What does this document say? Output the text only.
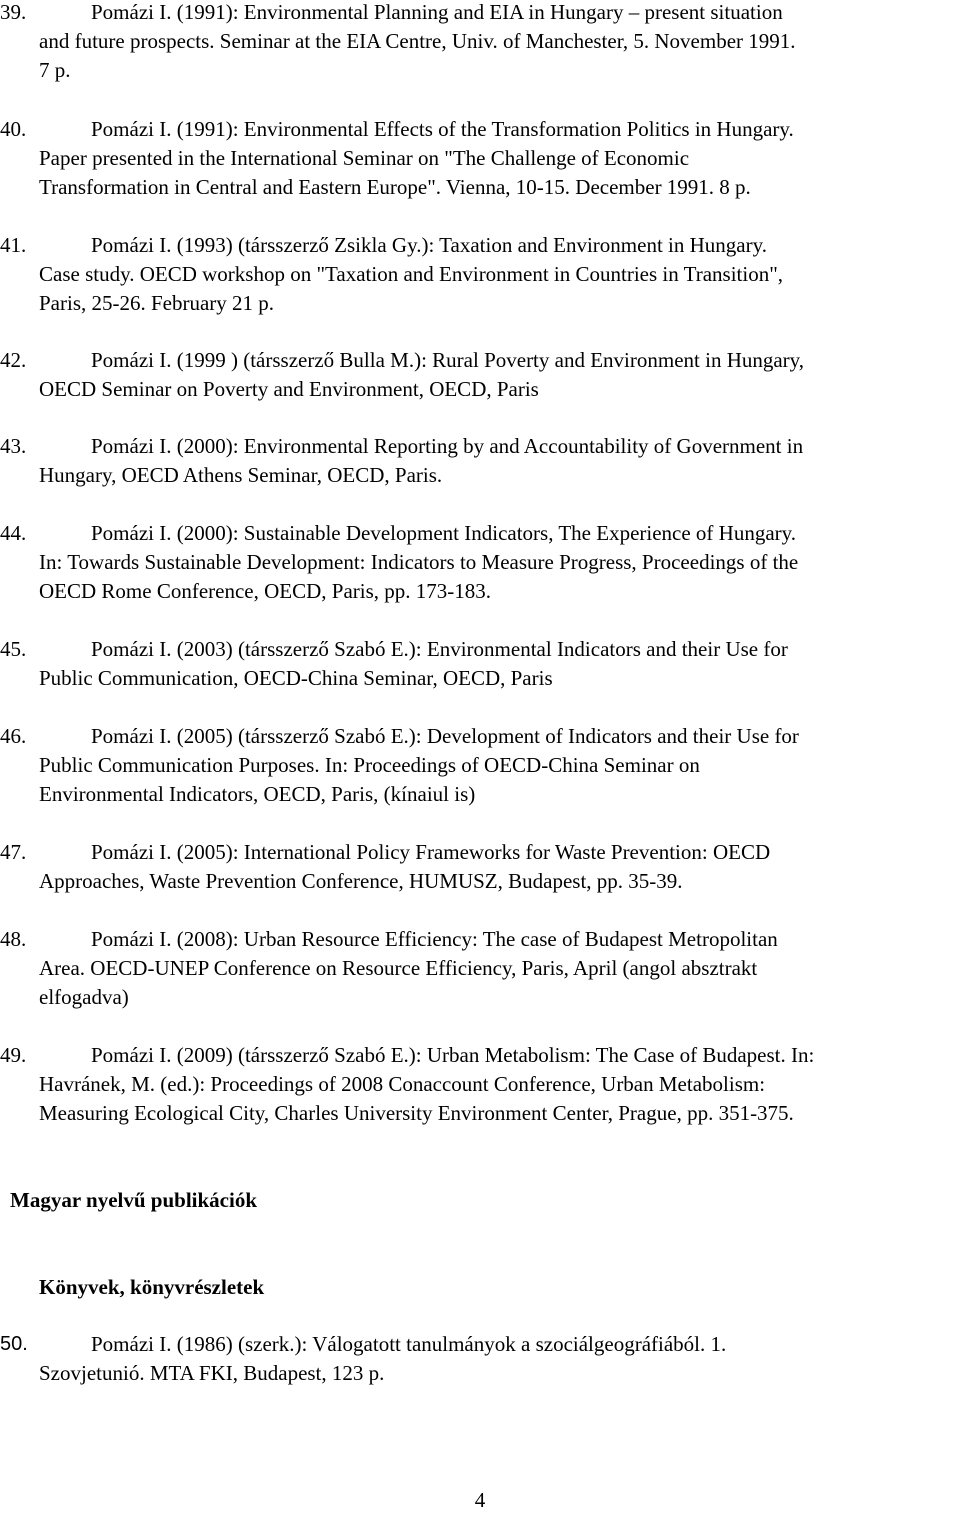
39.	Pomázi I. (1991): Environmental Planning and EIA in Hungary – present situation
and future prospects. Seminar at the EIA Centre, Univ. of Manchester, 5. November 1991.
7 p.
40.	Pomázi I. (1991): Environmental Effects of the Transformation Politics in Hungary.
Paper presented in the International Seminar on "The Challenge of Economic
Transformation in Central and Eastern Europe". Vienna, 10-15. December 1991. 8 p.
41.	Pomázi I. (1993) (társszerző Zsikla Gy.): Taxation and Environment in Hungary.
Case study. OECD workshop on "Taxation and Environment in Countries in Transition",
Paris, 25-26. February 21 p.
42.	Pomázi I. (1999 ) (társszerző Bulla M.): Rural Poverty and Environment in Hungary,
OECD Seminar on Poverty and Environment, OECD, Paris
43.	Pomázi I. (2000): Environmental Reporting by and Accountability of Government in
Hungary, OECD Athens Seminar, OECD, Paris.
44.	Pomázi I. (2000): Sustainable Development Indicators, The Experience of Hungary.
In: Towards Sustainable Development: Indicators to Measure Progress, Proceedings of the
OECD Rome Conference, OECD, Paris, pp. 173-183.
45.	Pomázi I. (2003) (társszerző Szabó E.): Environmental Indicators and their Use for
Public Communication, OECD-China Seminar, OECD, Paris
46.	Pomázi I. (2005) (társszerző Szabó E.): Development of Indicators and their Use for
Public Communication Purposes. In: Proceedings of OECD-China Seminar on
Environmental Indicators, OECD, Paris, (kínaiul is)
47.	Pomázi I. (2005): International Policy Frameworks for Waste Prevention: OECD
Approaches, Waste Prevention Conference, HUMUSZ, Budapest, pp. 35-39.
48.	Pomázi I. (2008): Urban Resource Efficiency: The case of Budapest Metropolitan
Area. OECD-UNEP Conference on Resource Efficiency, Paris, April (angol absztrakt
elfogadva)
49.	Pomázi I. (2009) (társszerző Szabó E.): Urban Metabolism: The Case of Budapest. In:
Havránek, M. (ed.): Proceedings of 2008 Conaccount Conference, Urban Metabolism:
Measuring Ecological City, Charles University Environment Center, Prague, pp. 351-375.
Magyar nyelvű publikációk
Könyvek, könyvrészletek
50.	Pomázi I. (1986) (szerk.): Válogatott tanulmányok a szociálgeográfiából. 1.
Szovjetunió. MTA FKI, Budapest, 123 p.
4
